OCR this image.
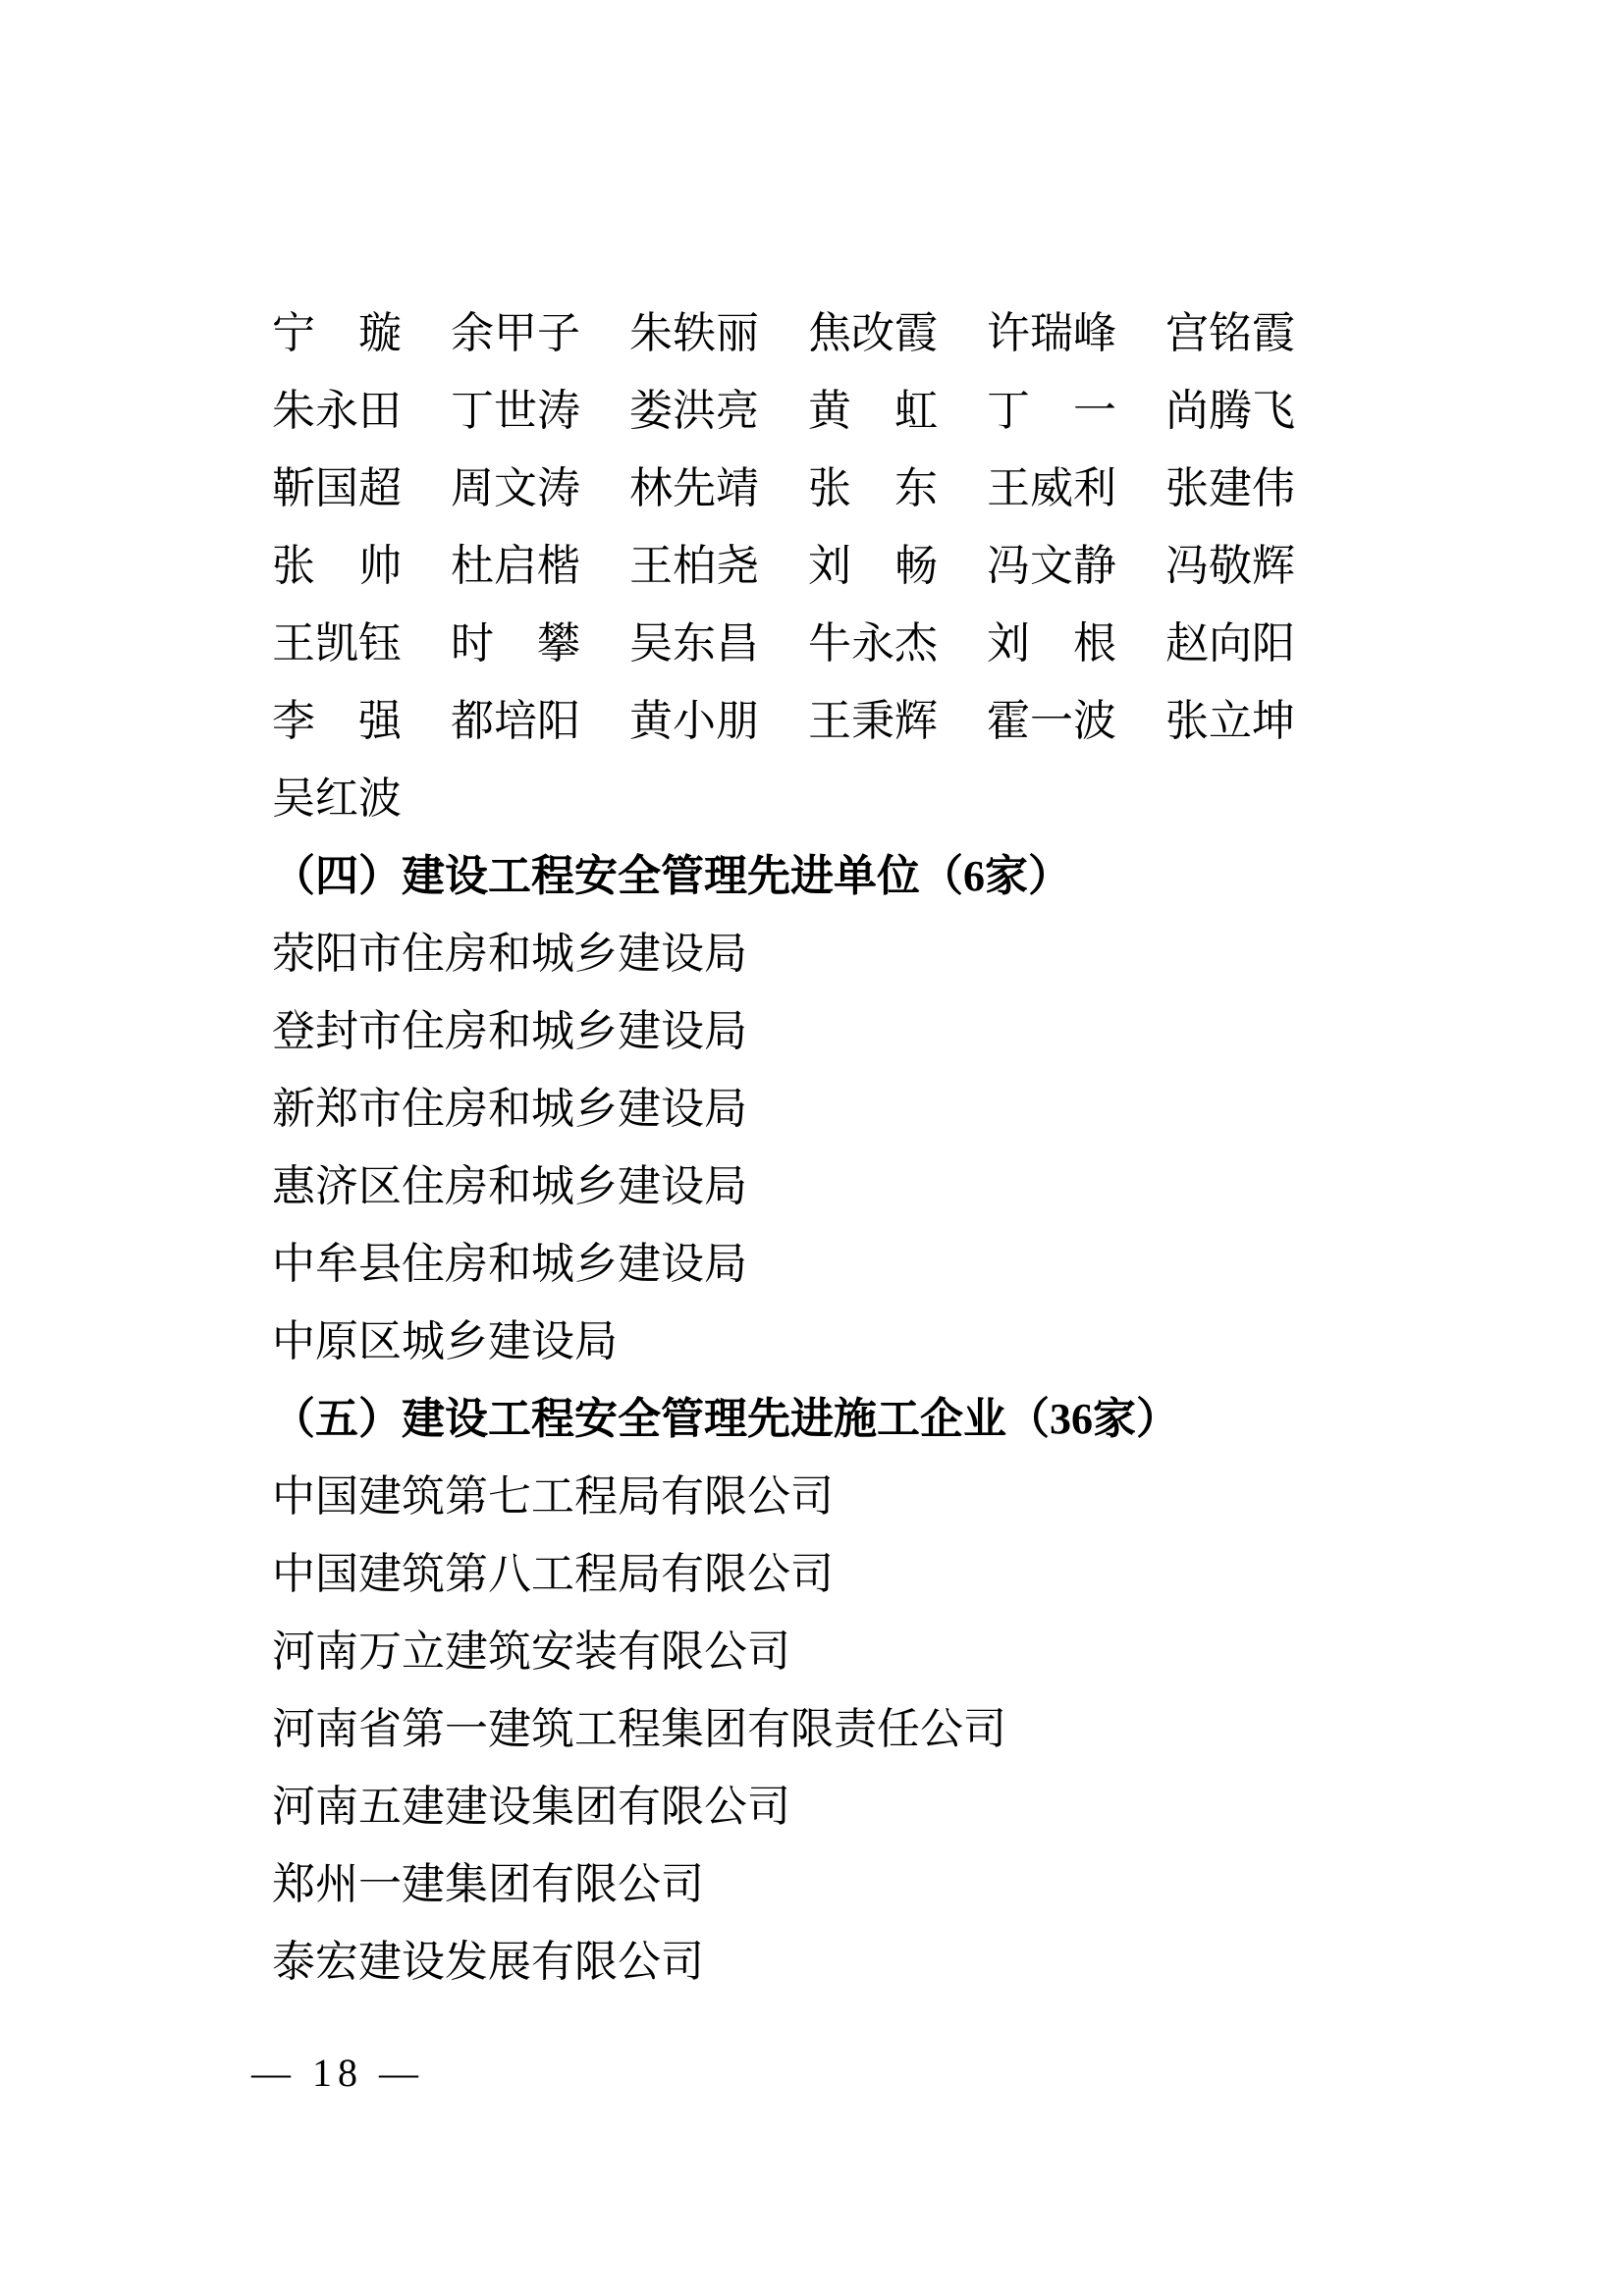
宁　璇 余甲子 朱轶丽 焦改霞 许瑞峰 宫铭霞
朱永田 丁世涛 娄洪亮 黄　虹 丁　一 尚腾飞
靳国超 周文涛 林先靖 张　东 王威利 张建伟
张　帅 杜启楷 王柏尧 刘　畅 冯文静 冯敬辉
王凯钰 时　攀 吴东昌 牛永杰 刘　根 赵向阳
李　强 都培阳 黄小朋 王秉辉 霍一波 张立坤
吴红波
（四）建设工程安全管理先进单位（6家）
荥阳市住房和城乡建设局
登封市住房和城乡建设局
新郑市住房和城乡建设局
惠济区住房和城乡建设局
中牟县住房和城乡建设局
中原区城乡建设局
（五）建设工程安全管理先进施工企业（36家）
中国建筑第七工程局有限公司
中国建筑第八工程局有限公司
河南万立建筑安装有限公司
河南省第一建筑工程集团有限责任公司
河南五建建设集团有限公司
郑州一建集团有限公司
泰宏建设发展有限公司
— 18 —
